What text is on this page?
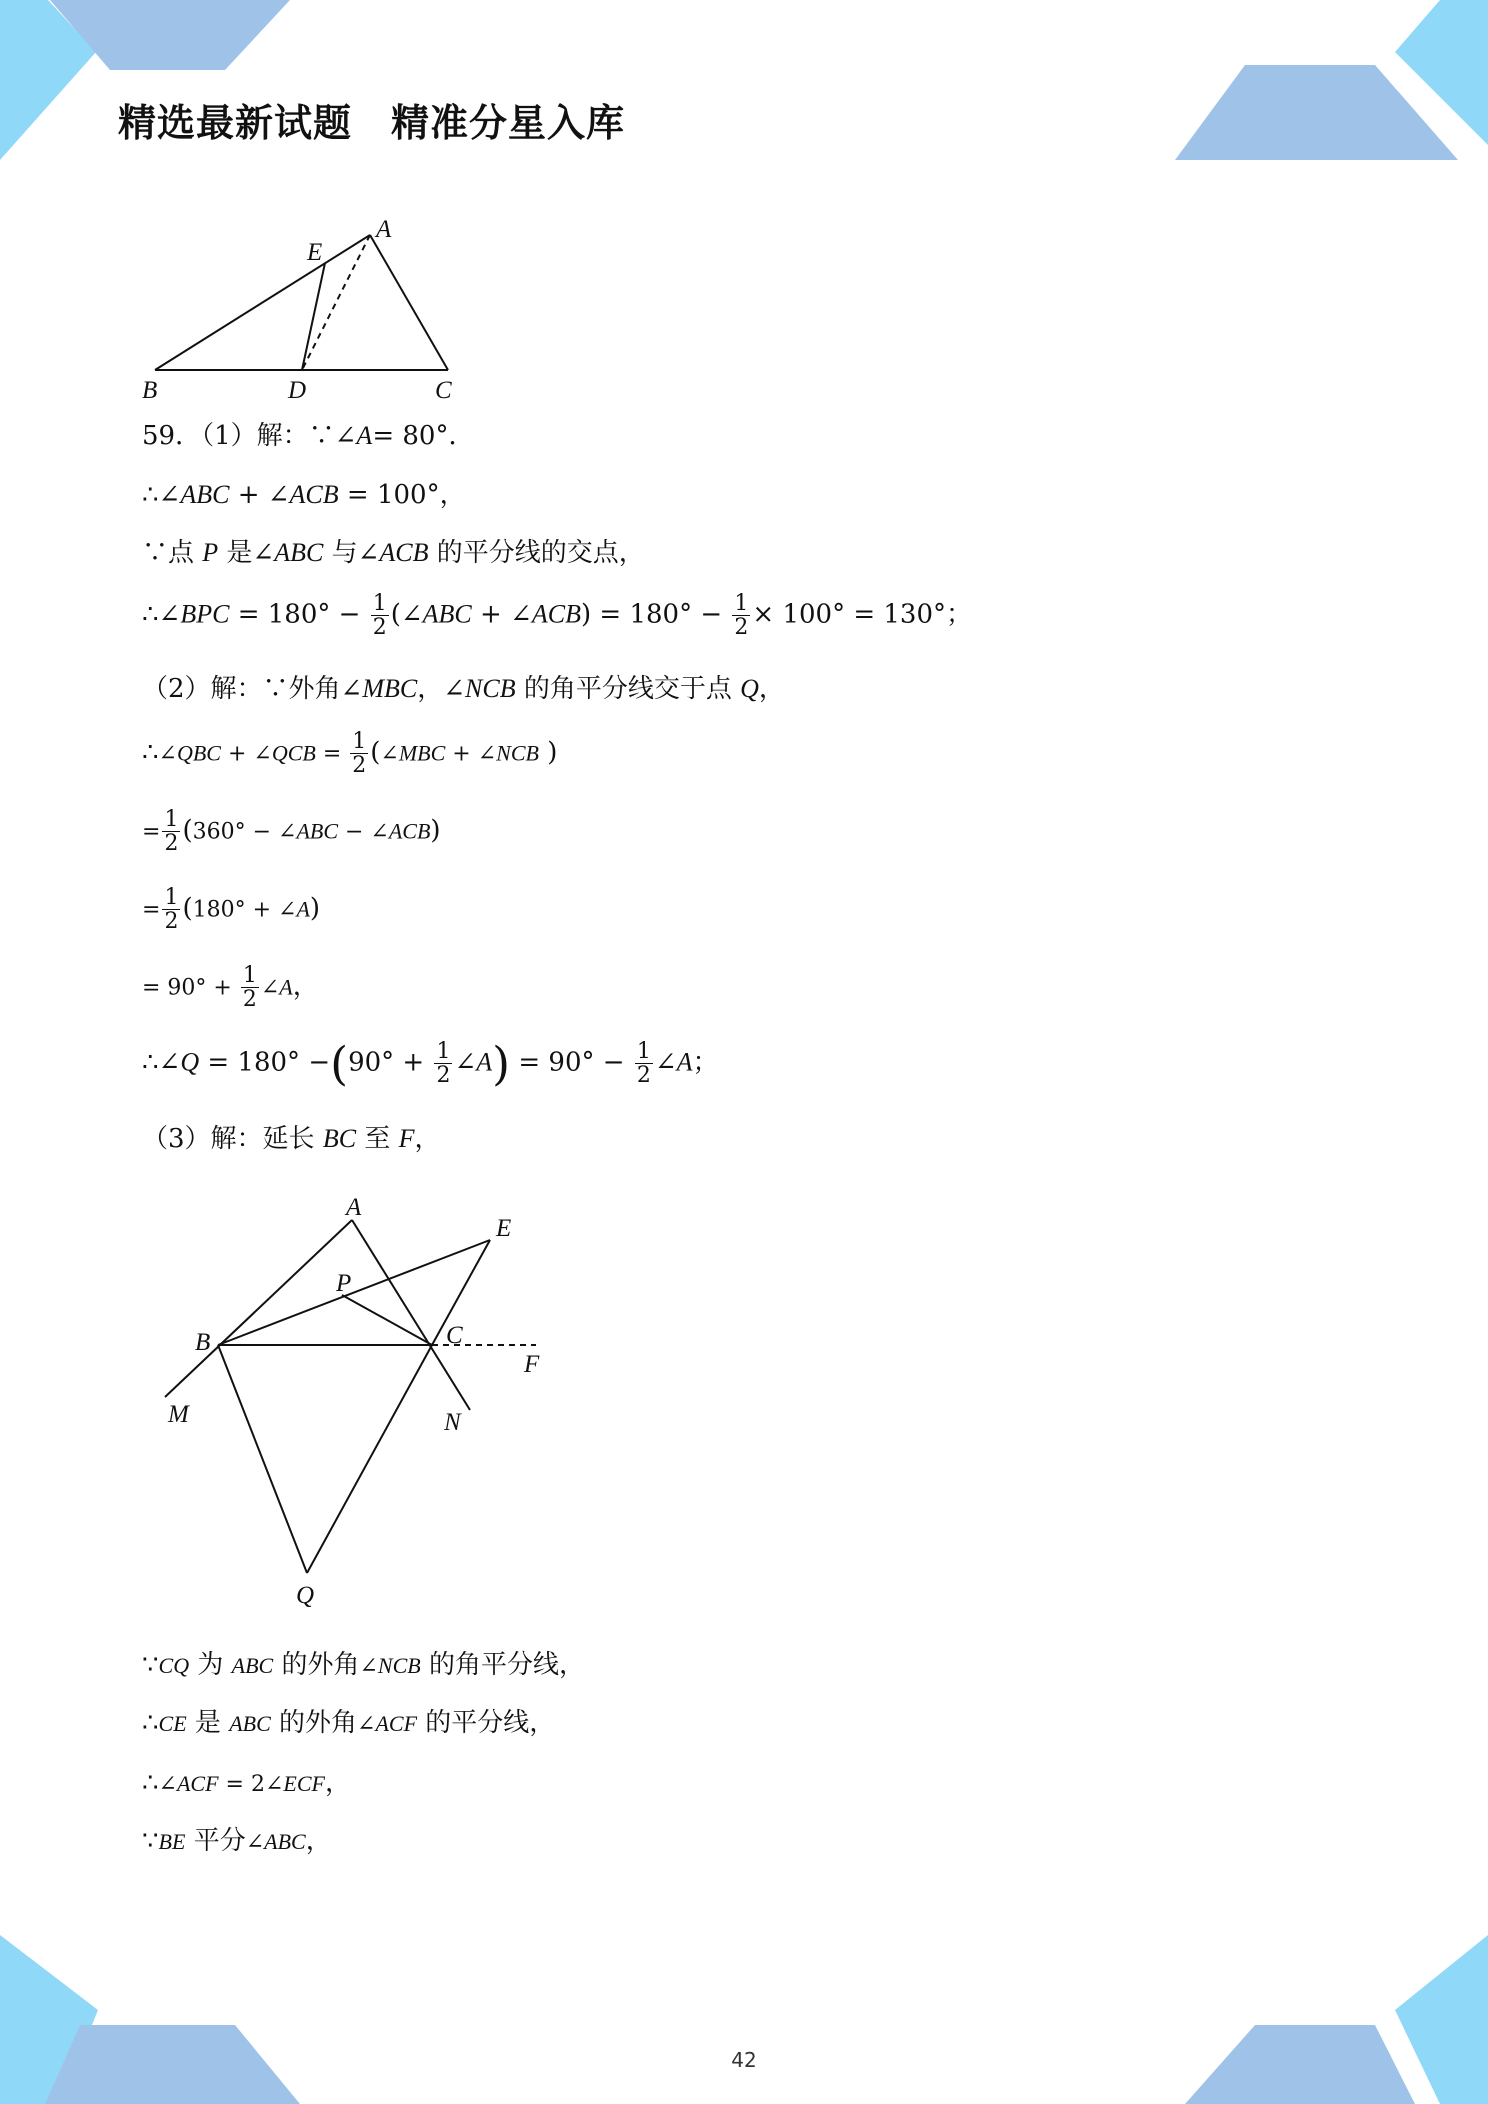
精选最新试题　精准分星入库
A
E
B	D	C
59．（1）解：∵∠A= 80°．
∴∠ABC + ∠ACB = 100°，
∵点 P 是∠ABC 与∠ACB 的平分线的交点，
∴∠BPC = $180^\circ - \frac{1}{2}$ (∠ABC + ∠ACB) = $180^\circ - \frac{1}{2} \times 100^\circ = 130^\circ$；
（2）解：∵外角∠MBC，∠NCB 的角平分线交于点 Q，
∴∠QBC + ∠QCB = $\frac{1}{2}$ (∠MBC + ∠NCB )
= $\frac{1}{2} (360^\circ$ − ∠ABC − ∠ACB)
= $\frac{1}{2} (180^\circ$ + ∠A)
= $90^\circ + \frac{1}{2}$ ∠A，
∴∠Q = $180^\circ -(90^\circ + \frac{1}{2}$ ∠A) = $90^\circ - \frac{1}{2}$ ∠A；
（3）解：延长 BC 至 F，
A
E
P
B	C
F
M	N
Q
∵CQ 为 ABC 的外角∠NCB 的角平分线，
∴CE 是 ABC 的外角∠ACF 的平分线，
∴∠ACF = 2∠ECF，
∵BE 平分∠ABC，
42
